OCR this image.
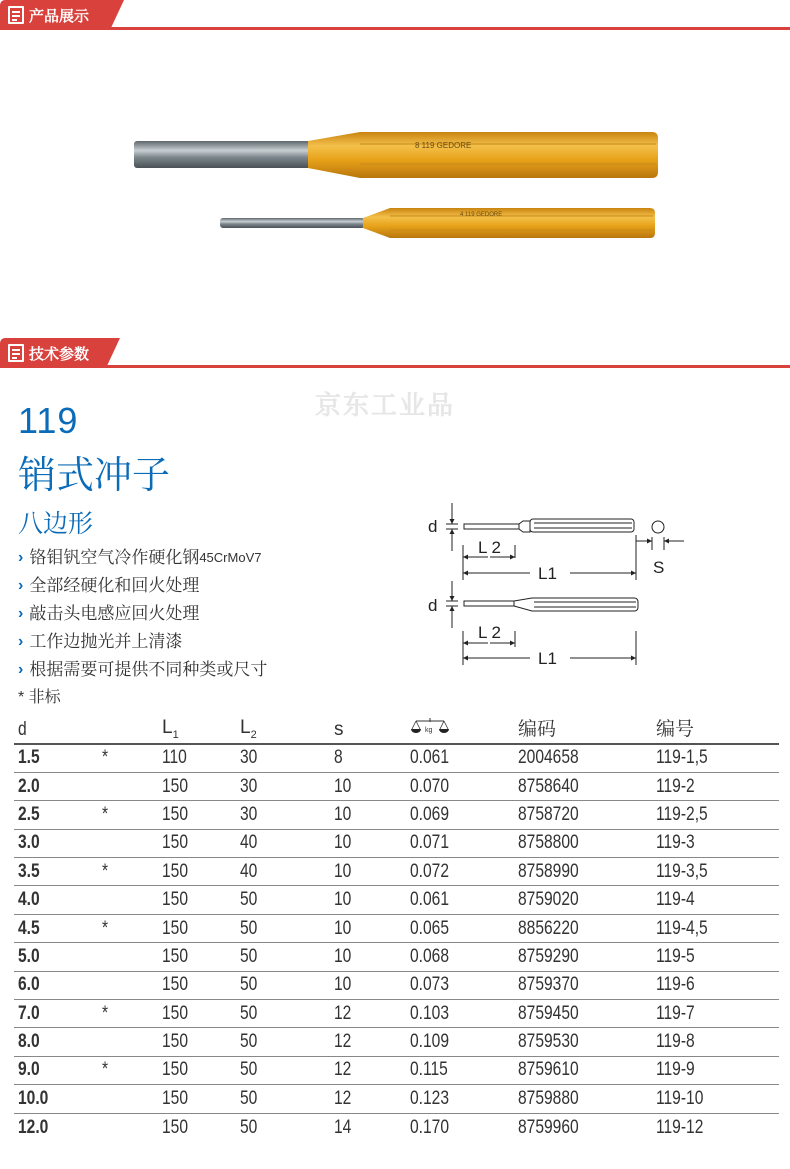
产品展示
8 119 GEDORE
4 119 GEDORE
技术参数
京东工业品
119
销式冲子
八边形
› 铬钼钒空气冷作硬化钢 45CrMoV7
› 全部经硬化和回火处理
› 敲击头电感应回火处理
› 工作边抛光并上清漆
› 根据需要可提供不同种类或尺寸
* 非标
d
d
L 2
L 2
L1
L1
S
d		$L_1$	$L_2$	s	kg	编码	编号
1.5	*	110	30	8	0.061	2004658	119-1,5
2.0		150	30	10	0.070	8758640	119-2
2.5	*	150	30	10	0.069	8758720	119-2,5
3.0		150	40	10	0.071	8758800	119-3
3.5	*	150	40	10	0.072	8758990	119-3,5
4.0		150	50	10	0.061	8759020	119-4
4.5	*	150	50	10	0.065	8856220	119-4,5
5.0		150	50	10	0.068	8759290	119-5
6.0		150	50	10	0.073	8759370	119-6
7.0	*	150	50	12	0.103	8759450	119-7
8.0		150	50	12	0.109	8759530	119-8
9.0	*	150	50	12	0.115	8759610	119-9
10.0		150	50	12	0.123	8759880	119-10
12.0		150	50	14	0.170	8759960	119-12
